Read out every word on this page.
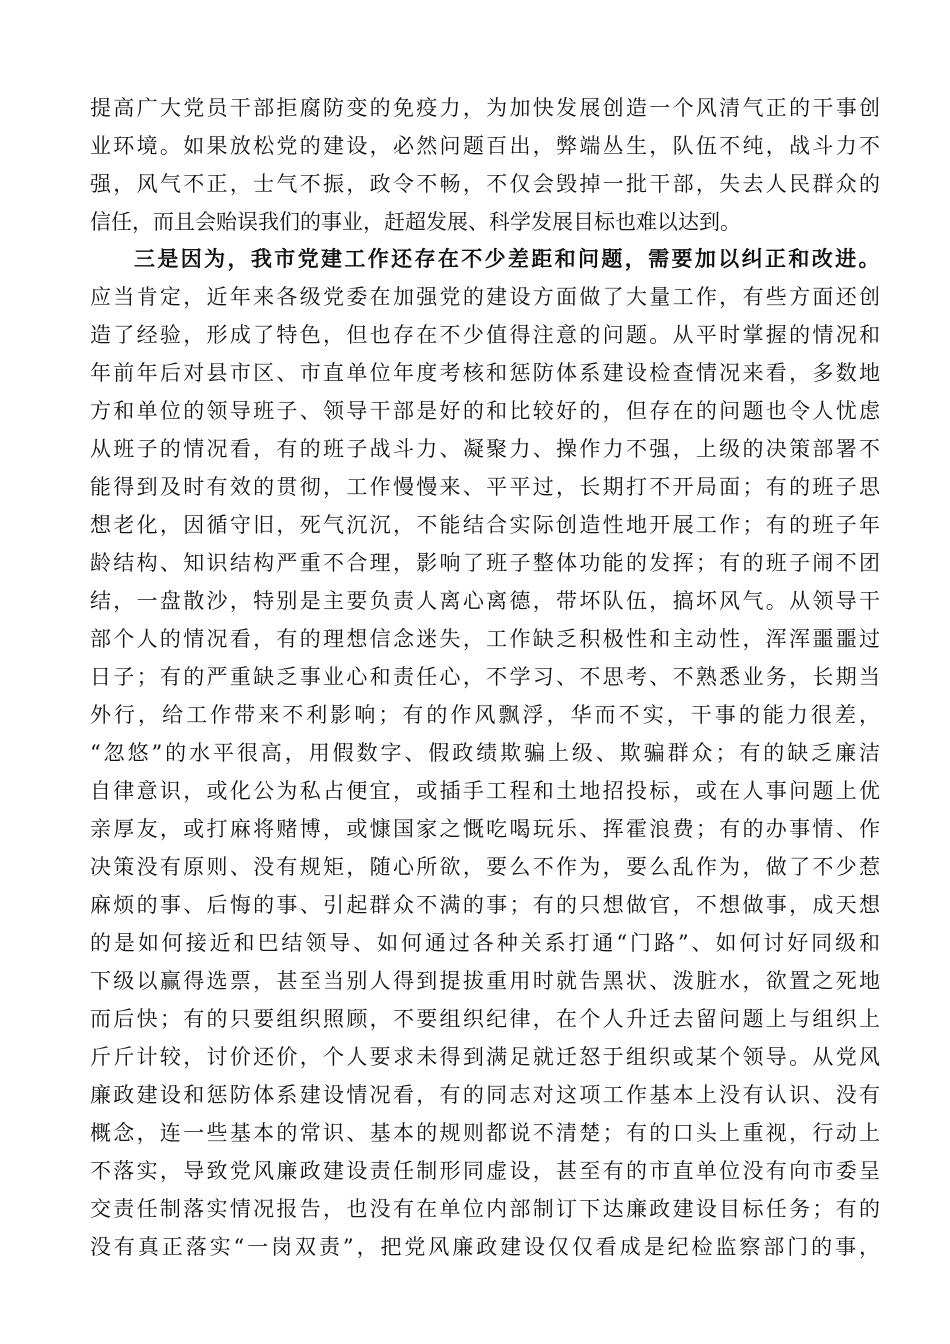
提高广大党员干部拒腐防变的免疫力，为加快发展创造一个风清气正的干事创
业环境。如果放松党的建设，必然问题百出，弊端丛生，队伍不纯，战斗力不
强，风气不正，士气不振，政令不畅，不仅会毁掉一批干部，失去人民群众的
信任，而且会贻误我们的事业，赶超发展、科学发展目标也难以达到。
三是因为，我市党建工作还存在不少差距和问题，需要加以纠正和改进。
应当肯定，近年来各级党委在加强党的建设方面做了大量工作，有些方面还创
造了经验，形成了特色，但也存在不少值得注意的问题。从平时掌握的情况和
年前年后对县市区、市直单位年度考核和惩防体系建设检查情况来看，多数地
方和单位的领导班子、领导干部是好的和比较好的，但存在的问题也令人忧虑
从班子的情况看，有的班子战斗力、凝聚力、操作力不强，上级的决策部署不
能得到及时有效的贯彻，工作慢慢来、平平过，长期打不开局面；有的班子思
想老化，因循守旧，死气沉沉，不能结合实际创造性地开展工作；有的班子年
龄结构、知识结构严重不合理，影响了班子整体功能的发挥；有的班子闹不团
结，一盘散沙，特别是主要负责人离心离德，带坏队伍，搞坏风气。从领导干
部个人的情况看，有的理想信念迷失，工作缺乏积极性和主动性，浑浑噩噩过
日子；有的严重缺乏事业心和责任心，不学习、不思考、不熟悉业务，长期当
外行，给工作带来不利影响；有的作风飘浮，华而不实，干事的能力很差，
“忽悠”的水平很高，用假数字、假政绩欺骗上级、欺骗群众；有的缺乏廉洁
自律意识，或化公为私占便宜，或插手工程和土地招投标，或在人事问题上优
亲厚友，或打麻将赌博，或慷国家之慨吃喝玩乐、挥霍浪费；有的办事情、作
决策没有原则、没有规矩，随心所欲，要么不作为，要么乱作为，做了不少惹
麻烦的事、后悔的事、引起群众不满的事；有的只想做官，不想做事，成天想
的是如何接近和巴结领导、如何通过各种关系打通“门路”、如何讨好同级和
下级以赢得选票，甚至当别人得到提拔重用时就告黑状、泼脏水，欲置之死地
而后快；有的只要组织照顾，不要组织纪律，在个人升迁去留问题上与组织上
斤斤计较，讨价还价，个人要求未得到满足就迁怒于组织或某个领导。从党风
廉政建设和惩防体系建设情况看，有的同志对这项工作基本上没有认识、没有
概念，连一些基本的常识、基本的规则都说不清楚；有的口头上重视，行动上
不落实，导致党风廉政建设责任制形同虚设，甚至有的市直单位没有向市委呈
交责任制落实情况报告，也没有在单位内部制订下达廉政建设目标任务；有的
没有真正落实“一岗双责”，把党风廉政建设仅仅看成是纪检监察部门的事，
